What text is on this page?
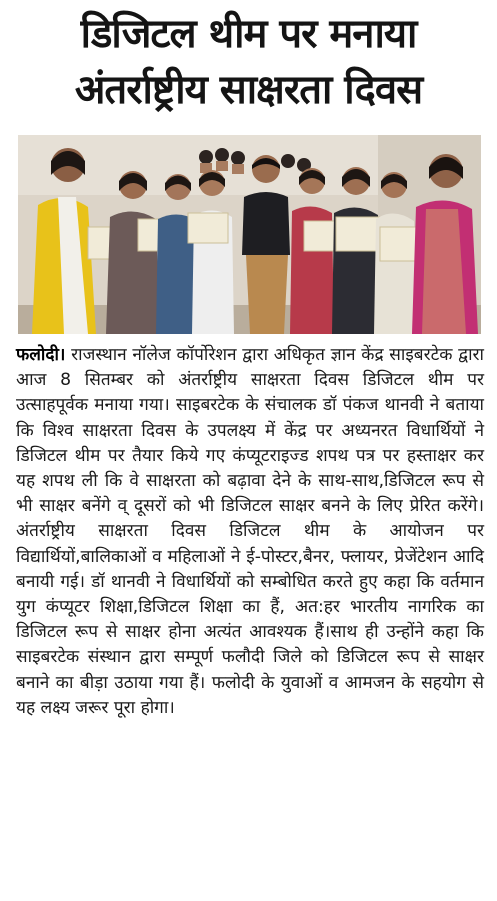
डिजिटल थीम पर मनाया
अंतर्राष्ट्रीय साक्षरता दिवस
फलोदी। राजस्थान नॉलेज कॉर्पोरेशन द्वारा अधिकृत ज्ञान केंद्र साइबरटेक द्वारा आज 8 सितम्बर को अंतर्राष्ट्रीय साक्षरता दिवस डिजिटल थीम पर उत्साहपूर्वक मनाया गया। साइबरटेक के संचालक डॉ पंकज थानवी ने बताया कि विश्व साक्षरता दिवस के उपलक्ष्य में केंद्र पर अध्यनरत विधार्थियों ने डिजिटल थीम पर तैयार किये गए कंप्यूटराइज्ड शपथ पत्र पर हस्ताक्षर कर यह शपथ ली कि वे साक्षरता को बढ़ावा देने के साथ-साथ,डिजिटल रूप से भी साक्षर बनेंगे व् दूसरों को भी डिजिटल साक्षर बनने के लिए प्रेरित करेंगे। अंतर्राष्ट्रीय साक्षरता दिवस डिजिटल थीम के आयोजन पर विद्यार्थियों,बालिकाओं व महिलाओं ने ई-पोस्टर,बैनर, फ्लायर, प्रेजेंटेशन आदि बनायी गई। डॉ थानवी ने विधार्थियों को सम्बोधित करते हुए कहा कि वर्तमान युग कंप्यूटर शिक्षा,डिजिटल शिक्षा का हैं, अत:हर भारतीय नागरिक का डिजिटल रूप से साक्षर होना अत्यंत आवश्यक हैं।साथ ही उन्होंने कहा कि साइबरटेक संस्थान द्वारा सम्पूर्ण फलौदी जिले को डिजिटल रूप से साक्षर बनाने का बीड़ा उठाया गया हैं। फलोदी के युवाओं व आमजन के सहयोग से यह लक्ष्य जरूर पूरा होगा।
